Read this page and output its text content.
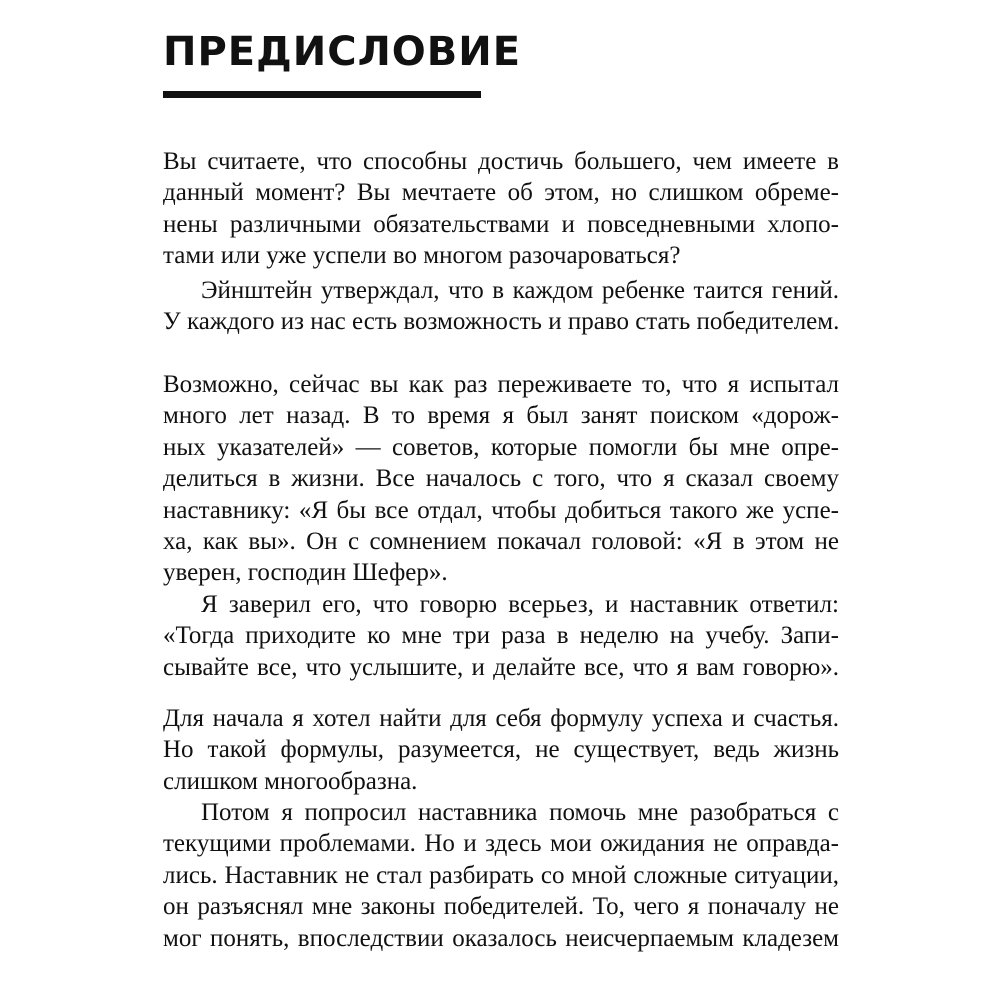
ПРЕДИСЛОВИЕ
Вы считаете, что способны достичь большего, чем имеете в
данный момент? Вы мечтаете об этом, но слишком обреме-
нены различными обязательствами и повседневными хлопо-
тами или уже успели во многом разочароваться?
Эйнштейн утверждал, что в каждом ребенке таится гений.
У каждого из нас есть возможность и право стать победителем.
Возможно, сейчас вы как раз переживаете то, что я испытал
много лет назад. В то время я был занят поиском «дорож-
ных указателей» — советов, которые помогли бы мне опре-
делиться в жизни. Все началось с того, что я сказал своему
наставнику: «Я бы все отдал, чтобы добиться такого же успе-
ха, как вы». Он с сомнением покачал головой: «Я в этом не
уверен, господин Шефер».
Я заверил его, что говорю всерьез, и наставник ответил:
«Тогда приходите ко мне три раза в неделю на учебу. Запи-
сывайте все, что услышите, и делайте все, что я вам говорю».
Для начала я хотел найти для себя формулу успеха и счастья.
Но такой формулы, разумеется, не существует, ведь жизнь
слишком многообразна.
Потом я попросил наставника помочь мне разобраться с
текущими проблемами. Но и здесь мои ожидания не оправда-
лись. Наставник не стал разбирать со мной сложные ситуации,
он разъяснял мне законы победителей. То, чего я поначалу не
мог понять, впоследствии оказалось неисчерпаемым кладезем
